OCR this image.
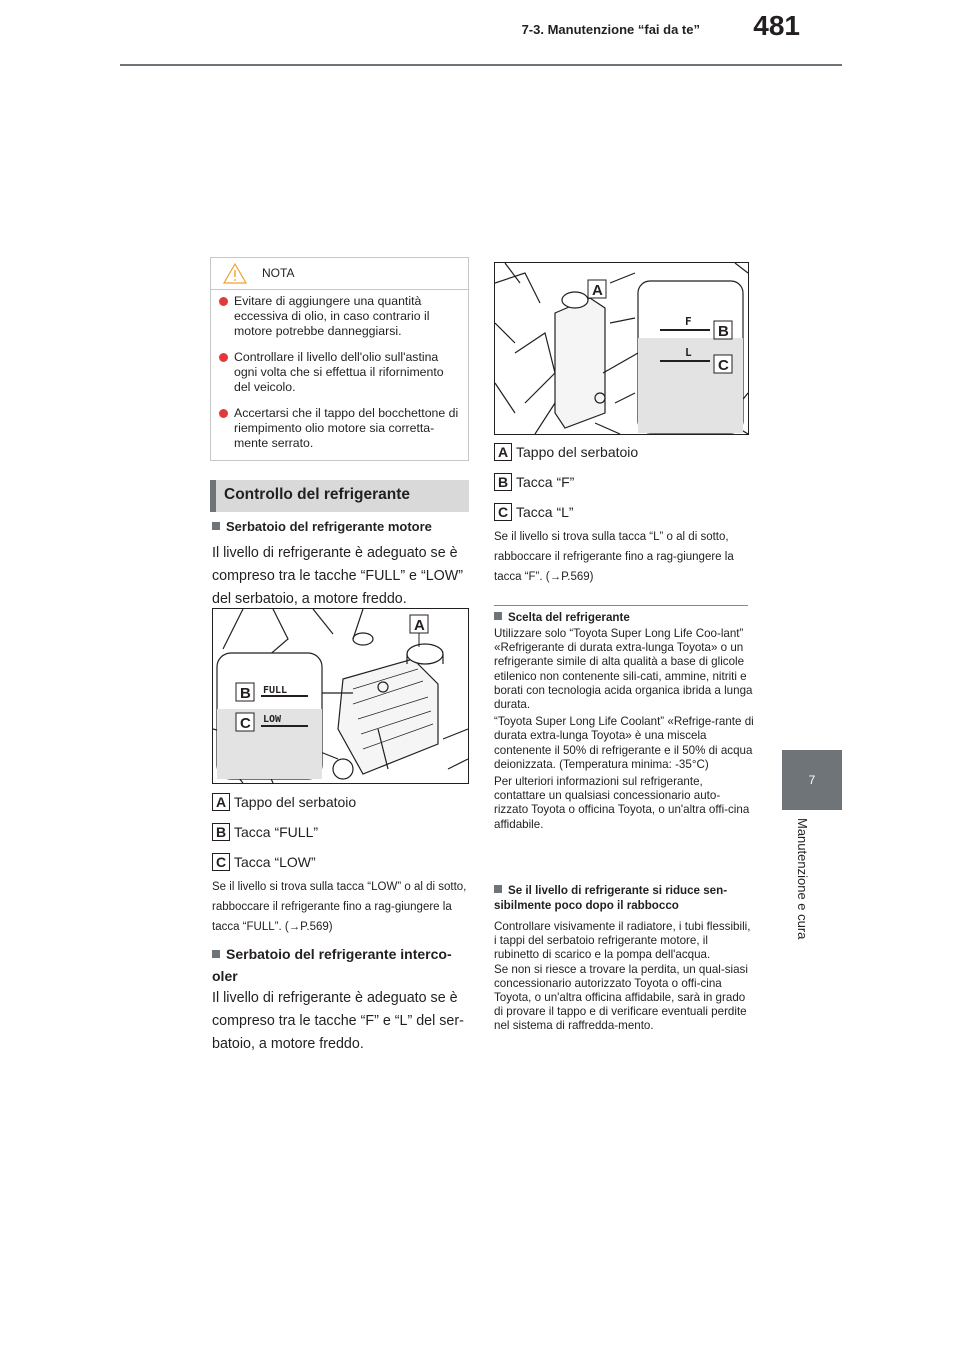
481
7-3. Manutenzione “fai da te”
7
Manutenzione e cura
NOTA
Evitare di aggiungere una quantità eccessiva di olio, in caso contrario il motore potrebbe danneggiarsi.
Controllare il livello dell'olio sull'astina ogni volta che si effettua il rifornimento del veicolo.
Accertarsi che il tappo del bocchettone di riempimento olio motore sia corretta-mente serrato.
Controllo del refrigerante
Serbatoio del refrigerante motore
Il livello di refrigerante è adeguato se è compreso tra le tacche “FULL” e “LOW” del serbatoio, a motore freddo.
FULL
LOW
B
C
A
A Tappo del serbatoio
B Tacca “FULL”
C Tacca “LOW”
Se il livello si trova sulla tacca “LOW” o al di sotto, rabboccare il refrigerante fino a rag-giungere la tacca “FULL”. (→P.569)
Serbatoio del refrigerante interco-oler
Il livello di refrigerante è adeguato se è compreso tra le tacche “F” e “L” del ser-batoio, a motore freddo.
F
L
B
C
A
A Tappo del serbatoio
B Tacca “F”
C Tacca “L”
Se il livello si trova sulla tacca “L” o al di sotto, rabboccare il refrigerante fino a rag-giungere la tacca “F”. (→P.569)
Scelta del refrigerante
Utilizzare solo “Toyota Super Long Life Coo-lant” «Refrigerante di durata extra-lunga Toyota» o un refrigerante simile di alta qualità a base di glicole etilenico non contenente sili-cati, ammine, nitriti e borati con tecnologia acida organica ibrida a lunga durata.
“Toyota Super Long Life Coolant” «Refrige-rante di durata extra-lunga Toyota» è una miscela contenente il 50% di refrigerante e il 50% di acqua deionizzata. (Temperatura minima: -35°C)
Per ulteriori informazioni sul refrigerante, contattare un qualsiasi concessionario auto-rizzato Toyota o officina Toyota, o un'altra offi-cina affidabile.
Se il livello di refrigerante si riduce sen-sibilmente poco dopo il rabbocco
Controllare visivamente il radiatore, i tubi flessibili, i tappi del serbatoio refrigerante motore, il rubinetto di scarico e la pompa dell'acqua.
Se non si riesce a trovare la perdita, un qual-siasi concessionario autorizzato Toyota o offi-cina Toyota, o un'altra officina affidabile, sarà in grado di provare il tappo e di verificare eventuali perdite nel sistema di raffredda-mento.
